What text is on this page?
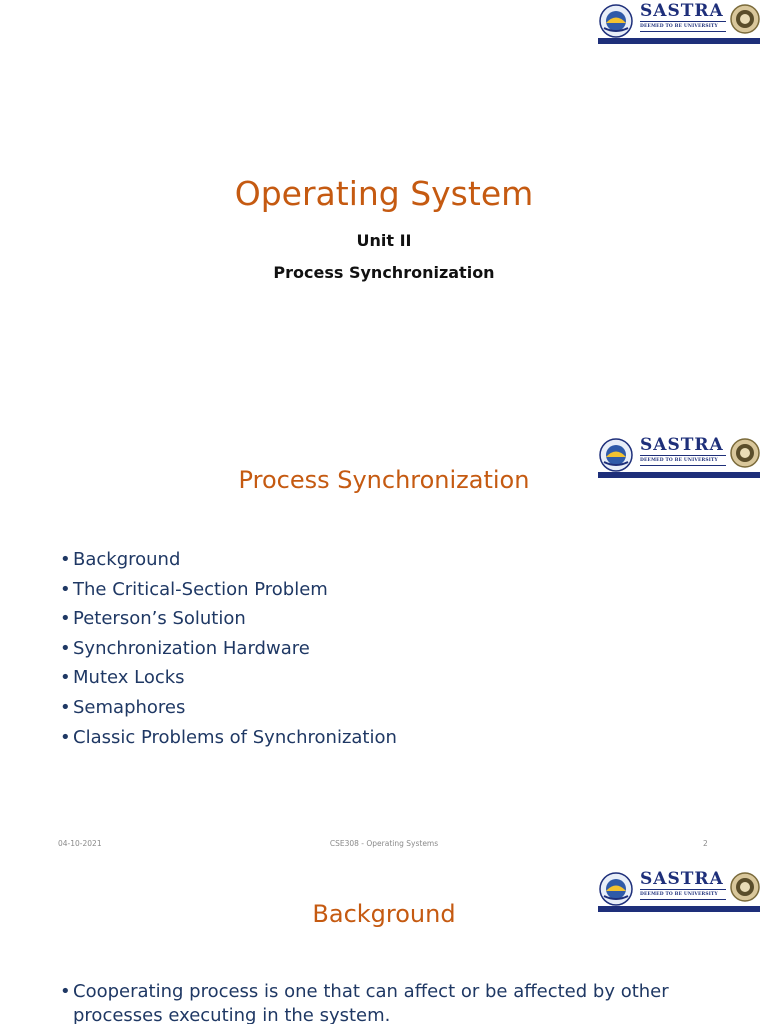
SASTRA
DEEMED TO BE UNIVERSITY
Operating System
Unit II
Process Synchronization
SASTRA
DEEMED TO BE UNIVERSITY
Process Synchronization
• Background
• The Critical-Section Problem
• Peterson’s Solution
• Synchronization Hardware
• Mutex Locks
• Semaphores
• Classic Problems of Synchronization
04-10-2021	CSE308 - Operating Systems	2
SASTRA
DEEMED TO BE UNIVERSITY
Background
• Cooperating process is one that can affect or be affected by other processes executing in the system.
